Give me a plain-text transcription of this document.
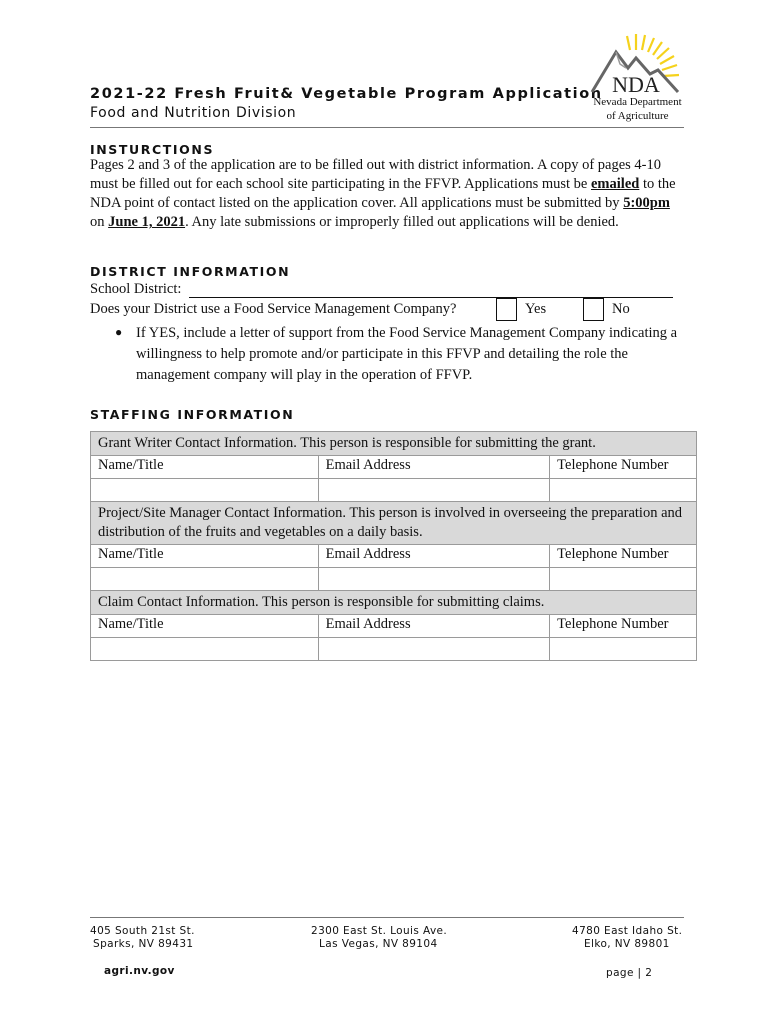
2021-22 Fresh Fruit& Vegetable Program Application
Food and Nutrition Division
NDA
Nevada Department
of Agriculture
INSTURCTIONS
Pages 2 and 3 of the application are to be filled out with district information. A copy of pages 4-10 must be filled out for each school site participating in the FFVP. Applications must be emailed to the NDA point of contact listed on the application cover. All applications must be submitted by 5:00pm on June 1, 2021. Any late submissions or improperly filled out applications will be denied.
DISTRICT INFORMATION
School District:
Does your District use a Food Service Management Company?	Yes	No
● If YES, include a letter of support from the Food Service Management Company indicating a willingness to help promote and/or participate in this FFVP and detailing the role the management company will play in the operation of FFVP.
STAFFING INFORMATION
Grant Writer Contact Information. This person is responsible for submitting the grant.		
Name/Title	Email Address	Telephone Number

Project/Site Manager Contact Information. This person is involved in overseeing the preparation and distribution of the fruits and vegetables on a daily basis.		
Name/Title	Email Address	Telephone Number

Claim Contact Information. This person is responsible for submitting claims.		
Name/Title	Email Address	Telephone Number

405 South 21st St.
Sparks, NV 89431
2300 East St. Louis Ave.
Las Vegas, NV 89104
4780 East Idaho St.
Elko, NV 89801
agri.nv.gov	page | 2
